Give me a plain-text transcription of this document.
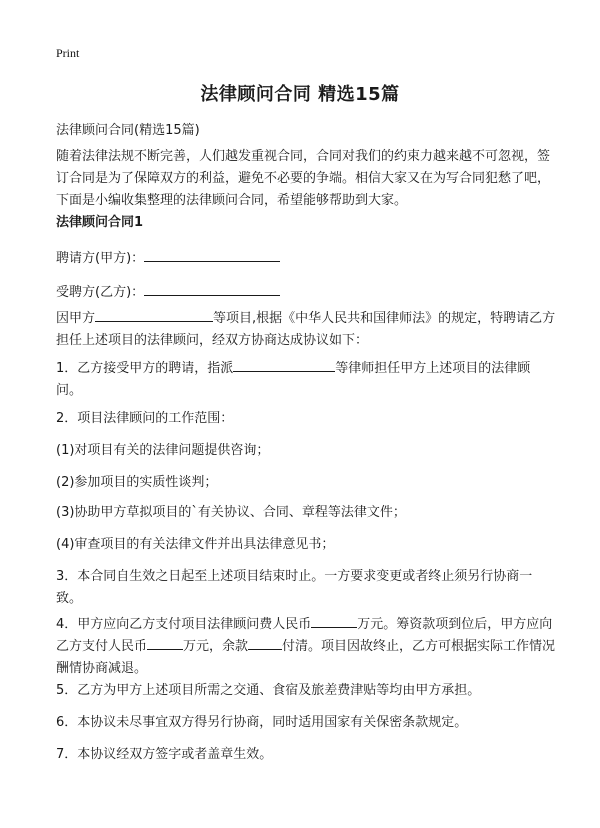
Print
法律顾问合同 精选15篇

法律顾问合同(精选15篇)

随着法律法规不断完善，人们越发重视合同，合同对我们的约束力越来越不可忽视，签订合同是为了保障双方的利益，避免不必要的争端。相信大家又在为写合同犯愁了吧，下面是小编收集整理的法律顾问合同，希望能够帮助到大家。

法律顾问合同1

聘请方(甲方)：

受聘方(乙方)：

因甲方	等项目,根据《中华人民共和国律师法》的规定，特聘请乙方担任上述项目的法律顾问，经双方协商达成协议如下：

1．乙方接受甲方的聘请，指派	等律师担任甲方上述项目的法律顾问。

2．项目法律顾问的工作范围：

(1)对项目有关的法律问题提供咨询；

(2)参加项目的实质性谈判；

(3)协助甲方草拟项目的`有关协议、合同、章程等法律文件；

(4)审查项目的有关法律文件并出具法律意见书；

3．本合同自生效之日起至上述项目结束时止。一方要求变更或者终止须另行协商一致。

4．甲方应向乙方支付项目法律顾问费人民币	万元。筹资款项到位后，甲方应向乙方支付人民币	万元，余款	付清。项目因故终止，乙方可根据实际工作情况酬情协商减退。

5．乙方为甲方上述项目所需之交通、食宿及旅差费津贴等均由甲方承担。

6．本协议未尽事宜双方得另行协商，同时适用国家有关保密条款规定。

7．本协议经双方签字或者盖章生效。
